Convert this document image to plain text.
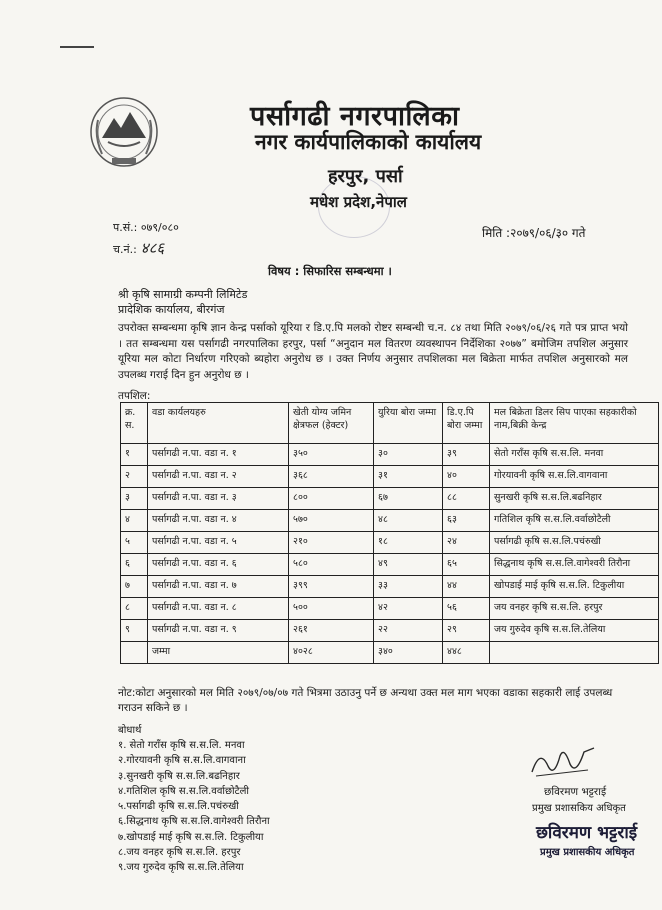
पर्सागढी नगरपालिका
नगर कार्यपालिकाको कार्यालय
हरपुर, पर्सा
मधेश प्रदेश,नेपाल
प.सं.: ०७९/०८०
च.नं.: ४८६
मिति :२०७९/०६/३० गते
विषय : सिफारिस सम्बन्धमा ।
श्री कृषि सामाग्री कम्पनी लिमिटेड
प्रादेशिक कार्यालय, बीरगंज
उपरोक्त सम्बन्धमा कृषि ज्ञान केन्द्र पर्साको यूरिया र डि.ए.पि मलको रोष्टर सम्बन्धी च.न. ८४ तथा मिति २०७९/०६/२६ गते पत्र प्राप्त भयो । तत सम्बन्धमा यस पर्सागढी नगरपालिका हरपुर, पर्सा “अनुदान मल वितरण व्यवस्थापन निर्देशिका २०७७” बमोजिम तपशिल अनुसार यूरिया मल कोटा निर्धारण गरिएको ब्यहोरा अनुरोध छ । उक्त निर्णय अनुसार तपशिलका मल बिक्रेता मार्फत तपशिल अनुसारको मल उपलब्ध गराई दिन हुन अनुरोध छ ।
तपशिल:
क्र. स.	वडा कार्यलयहरु	खेती योग्य जमिन क्षेत्रफल (हेक्टर)	युरिया बोरा जम्मा	डि.ए.पि बोरा जम्मा	मल बिक्रेता डिलर सिप पाएका सहकारीको नाम,बिक्री केन्द्र
१	पर्सागढी न.पा. वडा न. १	३५०	३०	३९	सेतो गराँस कृषि स.स.लि. मनवा
२	पर्सागढी न.पा. वडा न. २	३६८	३१	४०	गोरयावनी कृषि स.स.लि.वागवाना
३	पर्सागढी न.पा. वडा न. ३	८००	६७	८८	सुनखरी कृषि स.स.लि.बढनिहार
४	पर्सागढी न.पा. वडा न. ४	५७०	४८	६३	गतिशिल कृषि स.स.लि.वर्वाछोटैली
५	पर्सागढी न.पा. वडा न. ५	२१०	१८	२४	पर्सागढी कृषि स.स.लि.पचंरुखी
६	पर्सागढी न.पा. वडा न. ६	५८०	४९	६५	सिद्धनाथ कृषि स.स.लि.वागेश्वरी तिरौना
७	पर्सागढी न.पा. वडा न. ७	३९९	३३	४४	खोपडाई माई कृषि स.स.लि. टिकुलीया
८	पर्सागढी न.पा. वडा न. ८	५००	४२	५६	जय वनहर कृषि स.स.लि. हरपुर
९	पर्सागढी न.पा. वडा न. ९	२६१	२२	२९	जय गुरुदेव कृषि स.स.लि.तेलिया
	जम्मा	४०२८	३४०	४४८	
नोट:कोटा अनुसारको मल मिति २०७९/०७/०७ गते भित्रमा उठाउनु पर्ने छ अन्यथा उक्त मल माग भएका वडाका सहकारी लाई उपलब्ध गराउन सकिने छ ।
बोधार्थ
१. सेतो गराँस कृषि स.स.लि. मनवा
२.गोरयावनी कृषि स.स.लि.वागवाना
३.सुनखरी कृषि स.स.लि.बढनिहार
४.गतिशिल कृषि स.स.लि.वर्वाछोटैली
५.पर्सागढी कृषि स.स.लि.पचंरुखी
६.सिद्धनाथ कृषि स.स.लि.वागेश्वरी तिरौना
७.खोपडाई माई कृषि स.स.लि. टिकुलीया
८.जय वनहर कृषि स.स.लि. हरपुर
९.जय गुरुदेव कृषि स.स.लि.तेलिया
छविरमण भट्टराई
प्रमुख प्रशासकिय अधिकृत
छविरमण भट्टराई
प्रमुख प्रशासकीय अधिकृत
